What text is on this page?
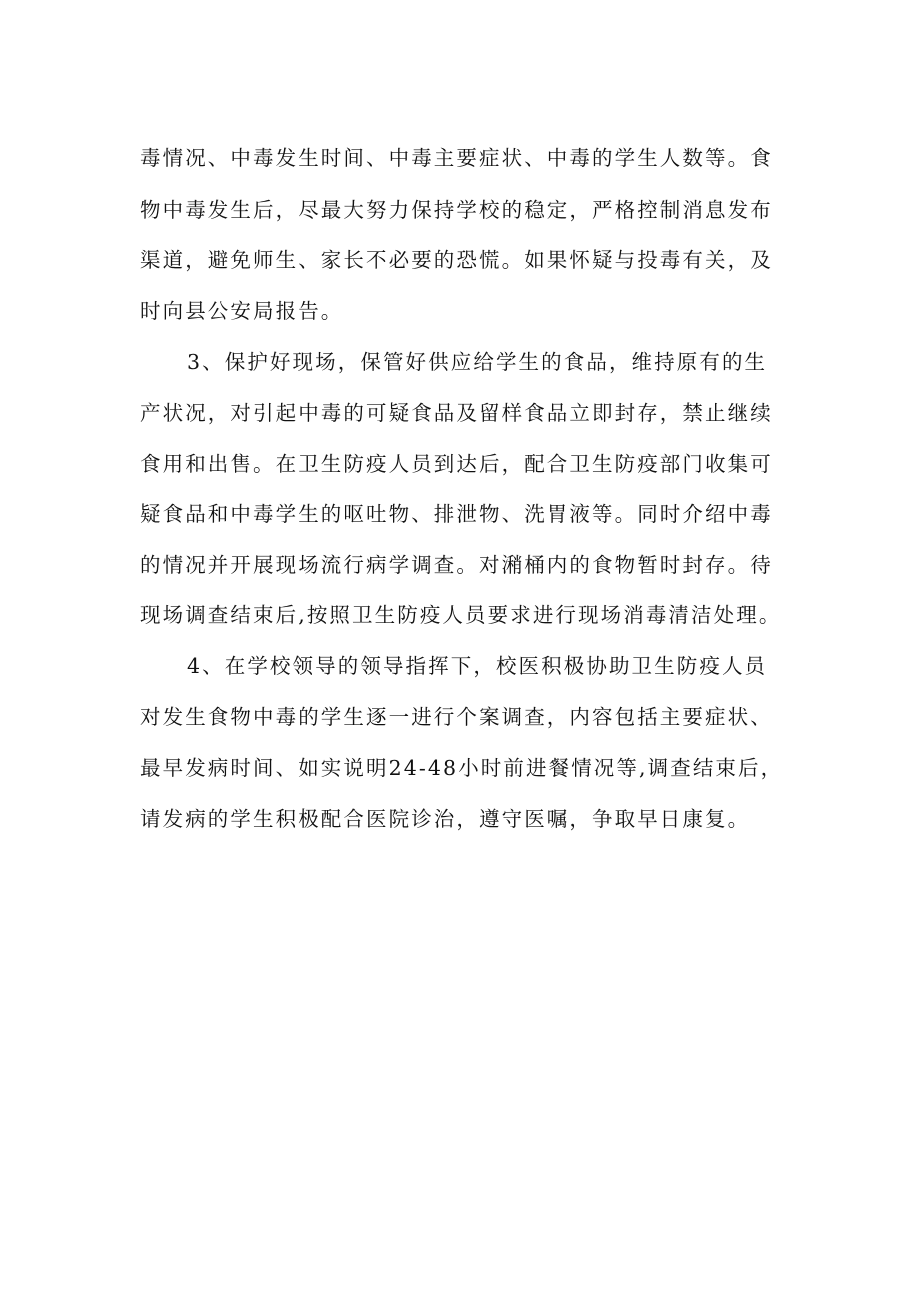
毒情况、中毒发生时间、中毒主要症状、中毒的学生人数等。食
物中毒发生后，尽最大努力保持学校的稳定，严格控制消息发布
渠道，避免师生、家长不必要的恐慌。如果怀疑与投毒有关，及
时向县公安局报告。
3、保护好现场，保管好供应给学生的食品，维持原有的生
产状况，对引起中毒的可疑食品及留样食品立即封存，禁止继续
食用和出售。在卫生防疫人员到达后，配合卫生防疫部门收集可
疑食品和中毒学生的呕吐物、排泄物、洗胃液等。同时介绍中毒
的情况并开展现场流行病学调查。对潲桶内的食物暂时封存。待
现场调查结束后,按照卫生防疫人员要求进行现场消毒清洁处理。
4、在学校领导的领导指挥下，校医积极协助卫生防疫人员
对发生食物中毒的学生逐一进行个案调查，内容包括主要症状、
最早发病时间、如实说明24-48小时前进餐情况等,调查结束后，
请发病的学生积极配合医院诊治，遵守医嘱，争取早日康复。
